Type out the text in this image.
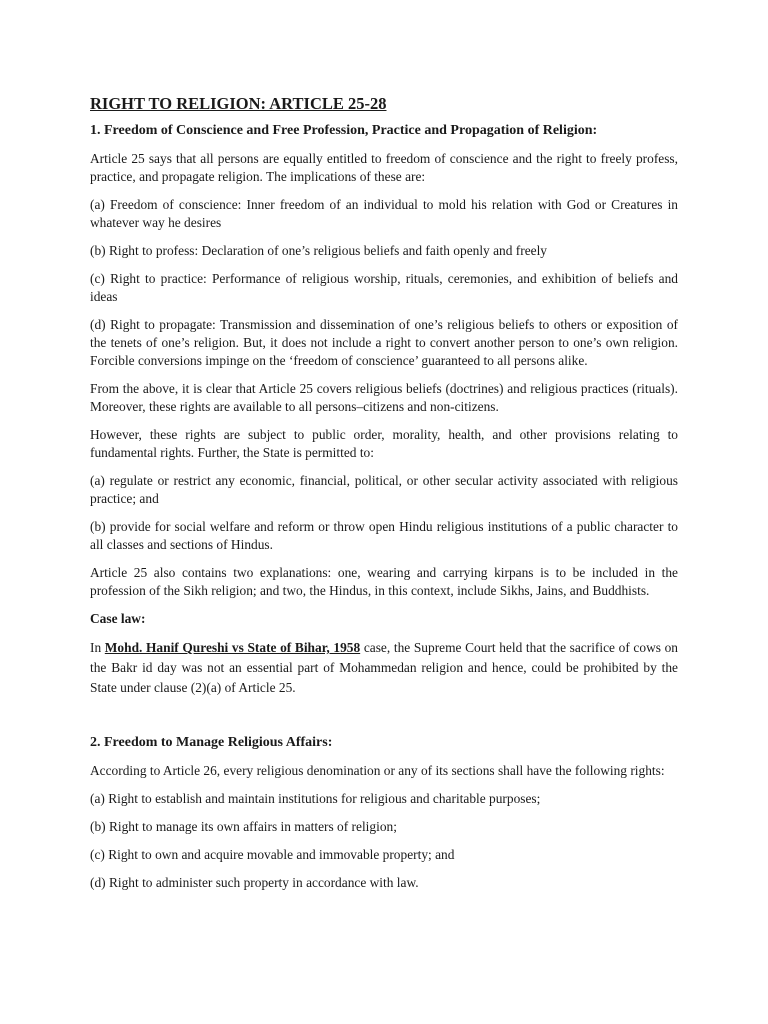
RIGHT TO RELIGION: ARTICLE 25-28
1. Freedom of Conscience and Free Profession, Practice and Propagation of Religion:

Article 25 says that all persons are equally entitled to freedom of conscience and the right to freely profess, practice, and propagate religion. The implications of these are:

(a) Freedom of conscience: Inner freedom of an individual to mold his relation with God or Creatures in whatever way he desires

(b) Right to profess: Declaration of one’s religious beliefs and faith openly and freely

(c) Right to practice: Performance of religious worship, rituals, ceremonies, and exhibition of beliefs and ideas

(d) Right to propagate: Transmission and dissemination of one’s religious beliefs to others or exposition of the tenets of one’s religion. But, it does not include a right to convert another person to one’s own religion. Forcible conversions impinge on the ‘freedom of conscience’ guaranteed to all persons alike.

From the above, it is clear that Article 25 covers religious beliefs (doctrines) and religious practices (rituals). Moreover, these rights are available to all persons–citizens and non-citizens.

However, these rights are subject to public order, morality, health, and other provisions relating to fundamental rights. Further, the State is permitted to:

(a) regulate or restrict any economic, financial, political, or other secular activity associated with religious practice; and

(b) provide for social welfare and reform or throw open Hindu religious institutions of a public character to all classes and sections of Hindus.

Article 25 also contains two explanations: one, wearing and carrying kirpans is to be included in the profession of the Sikh religion; and two, the Hindus, in this context, include Sikhs, Jains, and Buddhists.

Case law:

In Mohd. Hanif Qureshi vs State of Bihar, 1958 case, the Supreme Court held that the sacrifice of cows on the Bakr id day was not an essential part of Mohammedan religion and hence, could be prohibited by the State under clause (2)(a) of Article 25.

2. Freedom to Manage Religious Affairs:

According to Article 26, every religious denomination or any of its sections shall have the following rights:

(a) Right to establish and maintain institutions for religious and charitable purposes;

(b) Right to manage its own affairs in matters of religion;

(c) Right to own and acquire movable and immovable property; and

(d) Right to administer such property in accordance with law.
